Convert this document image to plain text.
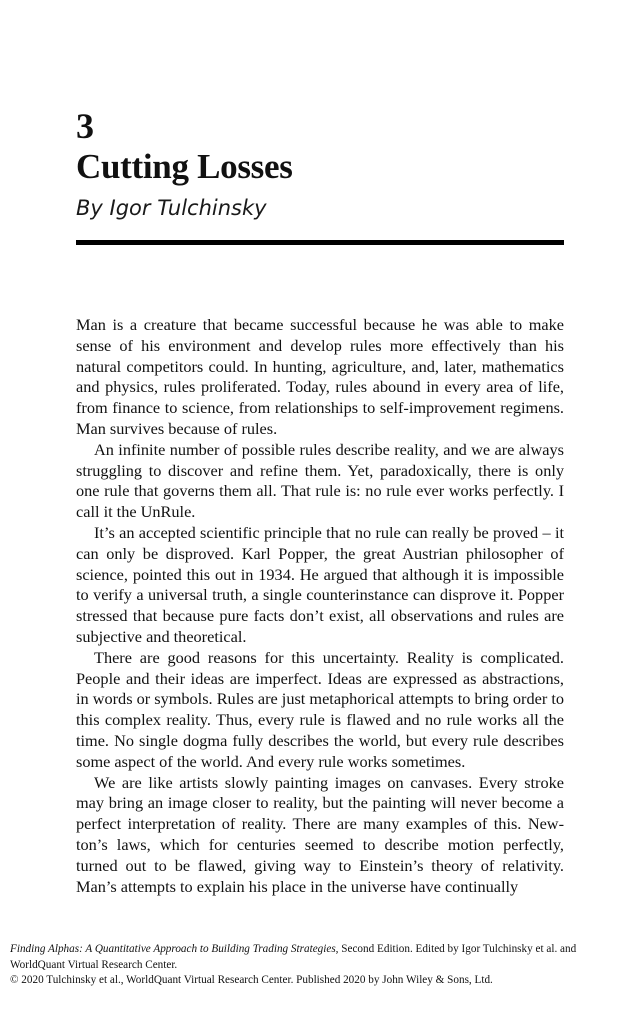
3
Cutting Losses
By Igor Tulchinsky

Man is a creature that became successful because he was able to make sense of his environment and develop rules more effectively than his natural competitors could. In hunting, agriculture, and, later, mathematics and physics, rules proliferated. Today, rules abound in every area of life, from finance to science, from relationships to self-improvement regimens. Man survives because of rules.

An infinite number of possible rules describe reality, and we are always struggling to discover and refine them. Yet, paradoxically, there is only one rule that governs them all. That rule is: no rule ever works perfectly. I call it the UnRule.

It’s an accepted scientific principle that no rule can really be proved – it can only be disproved. Karl Popper, the great Austrian philosopher of science, pointed this out in 1934. He argued that although it is impossible to verify a universal truth, a single counterinstance can disprove it. Popper stressed that because pure facts don’t exist, all observations and rules are subjective and theoretical.

There are good reasons for this uncertainty. Reality is complicated. People and their ideas are imperfect. Ideas are expressed as abstractions, in words or symbols. Rules are just metaphorical attempts to bring order to this complex reality. Thus, every rule is flawed and no rule works all the time. No single dogma fully describes the world, but every rule describes some aspect of the world. And every rule works sometimes.

We are like artists slowly painting images on canvases. Every stroke may bring an image closer to reality, but the painting will never become a perfect interpretation of reality. There are many examples of this. Newton’s laws, which for centuries seemed to describe motion perfectly, turned out to be flawed, giving way to Einstein’s theory of relativity. Man’s attempts to explain his place in the universe have continually

Finding Alphas: A Quantitative Approach to Building Trading Strategies, Second Edition. Edited by Igor Tulchinsky et al. and
WorldQuant Virtual Research Center.
© 2020 Tulchinsky et al., WorldQuant Virtual Research Center. Published 2020 by John Wiley & Sons, Ltd.
